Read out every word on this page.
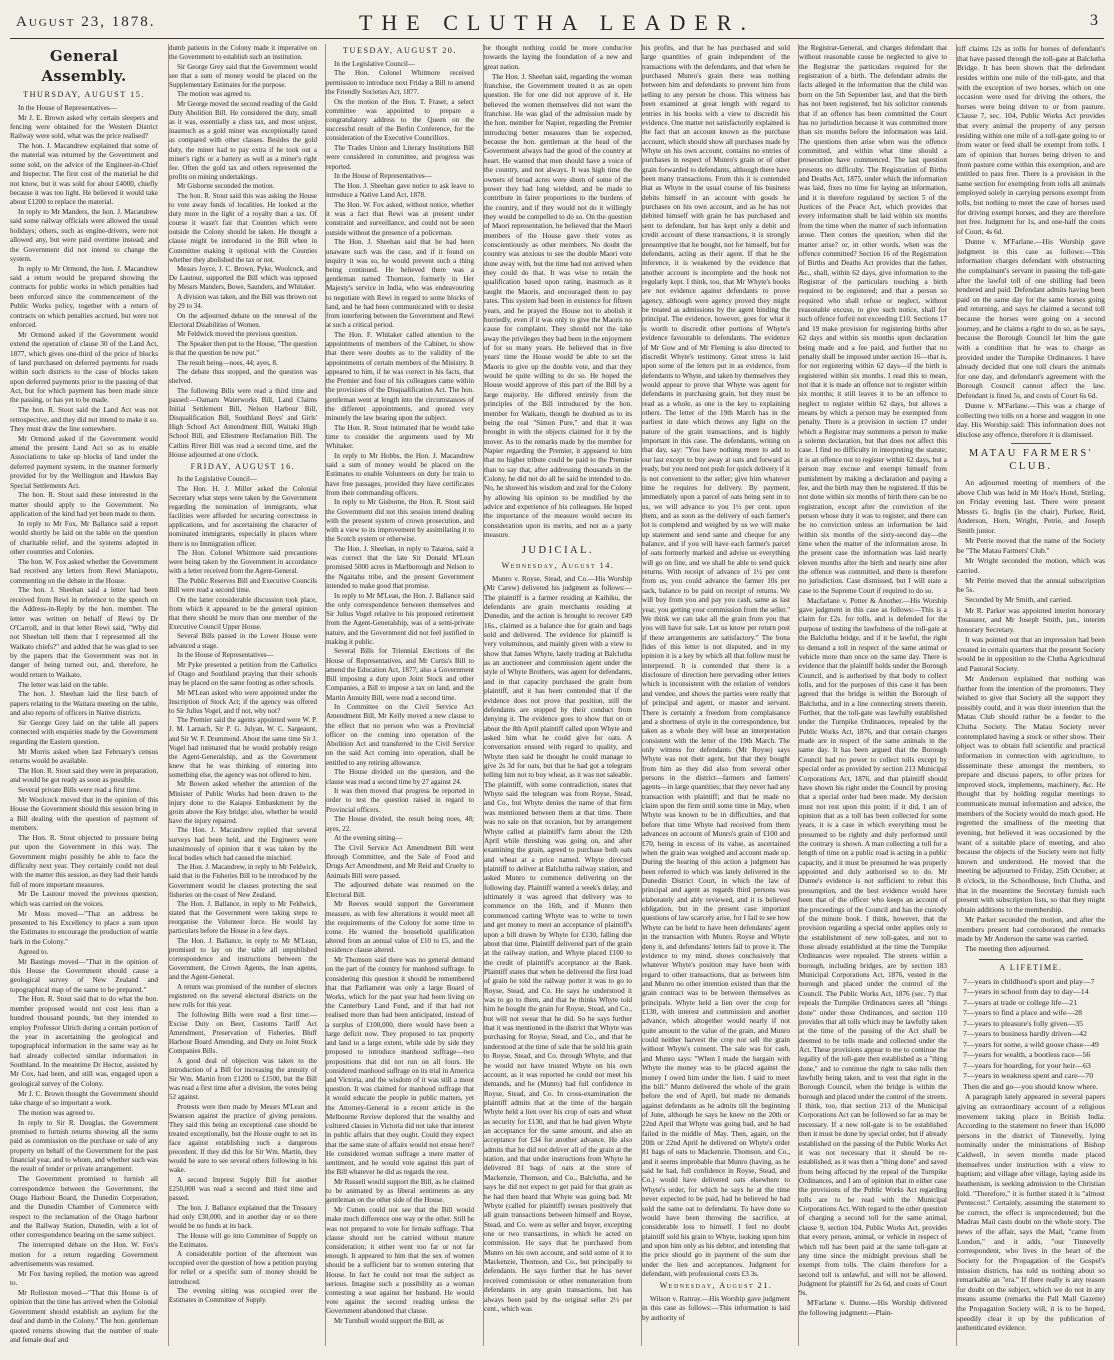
August 23, 1878.	THE CLUTHA LEADER.	3
General Assembly.
THURSDAY, AUGUST 15.

In the House of Representatives—

Mr J. E. Brown asked why certain sleepers and fencing were obtained for the Western District Railway were sold, what was the price realised?

The hon. J. Macandrew explained that some of the material was returned by the Government and some sold, on the advice of the Engineer-in-Chief and Inspector. The first cost of the material he did not know, but it was sold for about £4000, chiefly because it was too light. He believed it would take about £1200 to replace the material.

In reply to Mr Manders, the hon. J. Macandrew said some railway officials were allowed the usual holidays; others, such as engine-drivers, were not allowed any, but were paid overtime instead; and the Government did not intend to change the system.

In reply to Mr Ormond, the hon. J. Macandrew said a return would be prepared showing the contracts for public works in which penalties had been enforced since the commencement of the Public Works policy, together with a return of contracts on which penalties accrued, but were not enforced.

Mr Ormond asked if the Government would extend the operation of clause 30 of the Land Act, 1877, which gives one-third of the price of blocks of land purchased on deferred payments for roads within such districts to the case of blocks taken upon deferred payments prior to the passing of that Act, but for which payment has been made since the passing, or has yet to be made.

The hon. R. Stout said the Land Act was not retrospective, and they did not intend to make it so. They must draw the line somewhere.

Mr Ormond asked if the Government would amend the present Land Act so as to enable Associations to take up blocks of land under the deferred payment system, in the manner formerly provided for by the Wellington and Hawkes Bay Special Settlements Act.

The hon. R. Stout said these interested in the matter should apply to the Government. No application of the kind had yet been made to them.

In reply to Mr Fox, Mr Ballance said a report would shortly be laid on the table on the question of charitable relief, and the systems adopted in other countries and Colonies.

The hon. W. Fox asked whether the Government had received any letters from Rewi Maniapoto, commenting on the debate in the House.

The hon. J. Sheehan said a letter had been received from Rewi in reference to the speech on the Address-in-Reply by the hon. member. The letter was written on behalf of Rewi by Dr O'Carroll, and in that letter Rewi said, "Why did not Sheehan tell them that I represented all the Waikato chiefs?" and added that he was glad to see by the papers that the Government was not in danger of being turned out, and, therefore, he would return to Waikato.

The letter was laid on the table.

The hon. J. Sheehan laid the first batch of papers relating to the Waitara meeting on the table, and also reports of officers in Native districts.

Sir George Grey laid on the table all papers connected with enquiries made by the Government regarding the Eastern question.

Mr Morris asked when last February's census returns would be available.

The Hon. R. Stout said they were in preparation, and would be got ready as soon as possible.

Several private Bills were read a first time.

Mr Woolcock moved that in the opinion of this House the Government should this session bring in a Bill dealing with the question of payment of members.

The Hon. R. Stout objected to pressure being put upon the Government in this way. The Government might possibly be able to face the difficulty next year. They certainly could not deal with the matter this session, as they had their hands full of more important measures.

Mr De Lautour moved the previous question, which was carried on the voices.

Mr Moss moved—"That an address be presented to his Excellency to place a sum upon the Estimates to encourage the production of wattle bark in the Colony."

Agreed to.

Mr Bastings moved—"That in the opinion of this House the Government should cause a geological survey of New Zealand and topographical map of the same to be prepared."

The Hon. R. Stout said that to do what the hon. member proposed would not cost less than a hundred thousand pounds, but they intended to employ Professor Ulrich during a certain portion of the year in ascertaining the geological and topographical information in the same way as he had already collected similar information in Southland. In the meantime Dr Hector, assisted by Mr Cox, had been, and still was, engaged upon a geological survey of the Colony.

Mr J. C. Brown thought the Government should take charge of so important a work.

The motion was agreed to.

In reply to Sir R. Douglas, the Government promised to furnish returns showing all the sums paid as commission on the purchase or sale of any property on behalf of the Government for the past financial year, and to whom, and whether such was the result of tender or private arrangement.

The Government promised to furnish all correspondence between the Government, the Otago Harbour Board, the Dunedin Corporation, and the Dunedin Chamber of Commerce with respect to the reclamation of the Otago harbour and the Railway Station, Dunedin, with a lot of other correspondence bearing on the same subject.

The interrupted debate on the Hon. W. Fox's motion for a return regarding Government advertisements was resumed.

Mr Fox having replied, the motion was agreed to.

Mr Rolleston moved—"That this House is of opinion that the time has arrived when the Colonial Government should establish an asylum for the deaf and dumb in the Colony." The hon. gentleman quoted returns showing that the number of male and female deaf and

dumb patients in the Colony made it imperative on the Government to establish such an institution.

Sir George Grey said that the Government would see that a sum of money would be placed on the Supplementary Estimates for the purpose.

The motion was agreed to.

Mr George moved the second reading of the Gold Duty Abolition Bill. He considered the duty, small as it was, essentially a class tax, and most unjust, inasmuch as a gold miner was exceptionally taxed as compared with other classes. Besides the gold duty, the miner had to pay extra if he took out a miner's right or a battery as well as a miner's right fee. Often the gold tax and others represented the profits on mining undertakings.

Mr Gisborne seconded the motion.

The hon. R. Stout said this was asking the House to vote away funds of localities. He looked at the duty more in the light of a royalty than a tax. Of course it wasn't fair that Counties which were outside the Colony should be taken. He thought a clause might be introduced in the Bill when in Committee making it optional with the Counties whether they abolished the tax or not.

Messrs Joyce, J. C. Brown, Pyke, Woolcock, and De Lautour, supported the Bill which was opposed by Messrs Manders, Bowe, Saunders, and Whitaker.

A division was taken, and the Bill was thrown out by 29 to 34.

On the adjourned debate on the renewal of the Electoral Disabilities of Women.

Mr Feldwick moved the previous question.

The Speaker then put to the House, "The question is that the question be now put."

The result being—noes, 44; ayes, 8.

The debate thus stopped, and the question was shelved.

The following Bills were read a third time and passed:—Oamaru Waterworks Bill, Land Claims Initial Settlement Bill, Nelson Harbour Bill, Disqualification Bill, Southland Boys' and Girls' High School Act Amendment Bill, Waitaki High School Bill, and Ellesmere Reclamation Bill. The Catlins River Bill was read a second time, and the House adjourned at one o'clock.

FRIDAY, AUGUST 16.

In the Legislative Council—

The Hon. H. J. Miller asked the Colonial Secretary what steps were taken by the Government regarding the nomination of immigrants, what facilities were afforded for securing correctness in applications, and for ascertaining the character of nominated immigrants, especially in places where there is no Immigration officer.

The Hon. Colonel Whitmore said precautions were being taken by the Government in accordance with a letter received from the Agent-General.

The Public Reserves Bill and Executive Councils Bill were read a second time.

On the latter considerable discussion took place, from which it appeared to be the general opinion that there should be more than one member of the Executive Council Upper House.

Several Bills passed in the Lower House were advanced a stage.

In the House of Representatives—

Mr Pyke presented a petition from the Catholics of Otago and Southland praying that their schools may be placed on the same footing as other schools.

Mr M'Lean asked who were appointed under the Inscription of Stock Act; if the agency was offered to Sir Julius Vogel, and if not, why not?

The Premier said the agents appointed were W. P. J. M. Larnach, Sir P. G. Julyan, W. C. Sargeaunt, and Sir W. F. Drummond. About the same time Sir J. Vogel had intimated that he would probably resign the Agent-Generalship, and as the Government knew that he was thinking of entering into something else, the agency was not offered to him.

Mr Bowen asked whether the attention of the Minister of Public Works had been drawn to the injury done to the Kaiapoi Embankment by the groin above the Key bridge; also, whether he would have the injury repaired.

The Hon. J. Macandrew replied that several surveys had been held, and the Engineers were unanimously of opinion that it was taken by the local bodies which had caused the mischief.

The Hon. J. Macandrew, in reply to Mr Feldwick, said that in the Fisheries Bill to be introduced by the Government would be clauses protecting the seal fisheries on the coast of New Zealand.

The Hon. J. Ballance, in reply to Mr Feldwick, stated that the Government were taking steps to reorganise the Volunteer force. He would lay particulars before the House in a few days.

The Hon. J. Ballance, in reply to Mr M'Lean, promised to lay on the table all unpublished correspondence and instructions between the Government, the Crown Agents, the loan agents, and the Agent-General.

A return was promised of the number of electors registered on the several electoral districts on the new rolls for this year.

The following Bills were read a first time:—Excise Duty on Beer, Customs Tariff Act Amendment, Preservation of Fisheries, Bluff Harbour Board Amending, and Duty on Joint Stock Companies Bills.

A good deal of objection was taken to the introduction of a Bill for increasing the annuity of Sir Wm. Martin from £1200 to £1500, but the Bill was read a first time after a division, the votes being 52 against.

Protests were then made by Messrs M'Lean and Swanson against the practice of giving pensions. They said this being an exceptional case should be treated exceptionally, but the House ought to set its face against establishing such a dangerous precedent. If they did this for Sir Wm. Martin, they would be sure to see several others following in his wake.

A second Imprest Supply Bill for another £250,000 was read a second and third time and passed.

The hon. J. Ballance explained that the Treasury had only £30,000, and in another day or so there would be no funds at its back.

The House will go into Committee of Supply on the Estimates.

A considerable portion of the afternoon was occupied over the question of how a petition praying for relief or a specific sum of money should be introduced.

The evening sitting was occupied over the Estimates in Committee of Supply.

TUESDAY, AUGUST 20.

In the Legislative Council—

The Hon. Colonel Whitmore received permission to introduce next Friday a Bill to amend the Friendly Societies Act, 1877.

On the motion of the Hon. T. Fraser, a select committee was appointed to prepare a congratulatory address to the Queen on the successful result of the Berlin Conference, for the consideration of the Executive Councillors.

The Trades Union and Literary Institutions Bill were considered in committee, and progress was reported.

In the House of Representatives—

The Hon. J. Sheehan gave notice to ask leave to introduce a Native Land Act, 1878.

The Hon. W. Fox asked, without notice, whether it was a fact that Rewi was at present under constraint and surveillance, and could not be seen outside without the presence of a policeman.

The Hon. J. Sheehan said that he had been unaware such was the case, and if it found on inquiry it was so, he would prevent such a thing being continued. He believed there was a gentleman named Thomson, formerly in Her Majesty's service in India, who was endeavouring to negotiate with Rewi in regard to some blocks of land, and he had been communicated with to desist from interfering between the Government and Rewi at such a critical period.

The Hon. F. Whitaker called attention to the appointments of members of the Cabinet, to show that there were doubts as to the validity of the appointments of certain members of the Ministry. It appeared to him, if he was correct in his facts, that the Premier and four of his colleagues came within the provisions of the Disqualification Act. The hon. gentleman went at length into the circumstances of the different appointments, and quoted very minutely the law bearing upon the subject.

The Hon. R. Stout intimated that he would take time to consider the arguments used by Mr Whitaker.

In reply to Mr Hobbs, the Hon. J. Macandrew said a sum of money would be placed on the Estimates to enable Volunteers on duty for train to have free passages, provided they have certificates from their commanding officers.

In reply to Mr Gisborne, the Hon. R. Stout said the Government did not this session intend dealing with the present system of crown prosecution, and with a view to its improvement by assimilating it to the Scotch system or otherwise.

The Hon. J. Sheehan, in reply to Taiaroa, said it was correct that the late Sir Donald M'Lean promised 5000 acres in Marlborough and Nelson to the Ngaitahu tribe, and the present Government intended to make good that promise.

In reply to Mr M'Lean, the Hon. J. Ballance said the only correspondence between themselves and Sir Julius Vogel relative to his proposed retirement from the Agent-Generalship, was of a semi-private nature, and the Government did not feel justified in making it public.

Several Bills for Triennial Elections of the House of Representatives, and Mr Curtis's Bill to amend the Education Act, 1877; also a Government Bill imposing a duty upon Joint Stock and other Companies, a Bill to impose a tax on land, and the Martin Annuity Bill, were read a second time.

In Committee on the Civil Service Act Amendment Bill, Mr Kelly moved a new clause to the effect that no person who was a Provincial officer on the coming into operation of the Abolition Act and transferred to the Civil Service on the said Act coming into operation, shall be entitled to any retiring allowance.

The House divided on the question, and the clause was read a second time by 27 against 24.

It was then moved that progress be reported in order to test the question raised in regard to Provincial officers.

The House divided, the result being noes, 48; ayes, 22.

At the evening sitting—

The Civil Service Act Amendment Bill went through Committee, and the Sale of Food and Drugs Act Amendment, and Mr Reid and Cruelty to Animals Bill were passed.

The adjourned debate was resumed on the Electoral Bill.

Mr Reeves would support the Government measure, as with few alterations it would meet all the requirements of the Colony for some time to come. He wanted the household qualification altered from an annual value of £10 to £5, and the residence clause altered.

Mr Thomson said there was no general demand on the part of the country for manhood suffrage. In considering this question it should be remembered that that Parliament was only a large Board of Works, which for the past year had been living on the Canterbury Land Fund, and if that had not realised more than had been anticipated, instead of a surplus of £100,000, there would have been a large deficit now. They proposed to tax property and land to a large extent, while side by side they proposed to introduce manhood suffrage—two propositions that did not run on all fours. He considered manhood suffrage on its trial in America and Victoria, and the wisdom of it was still a moot question. It was claimed for manhood suffrage that it would educate the people in public matters, yet the Attorney-General in a recent article in the Melbourne Review deplored that the wealthy and cultured classes in Victoria did not take that interest in public affairs that they ought. Could they expect that the same state of affairs would not ensue here? He considered woman suffrage a mere matter of sentiment, and he would vote against this part of the Bill whatever he did as regards the rest.

Mr Russell would support the Bill, as he claimed to be animated by as liberal sentiments as any gentleman on the other side of the House.

Mr Cutten could not see that the Bill would make much difference one way or the other. Still he was not prepared to vote for female suffrage. That clause should not be carried without mature consideration; it either went too far or not far enough. It appeared to him that the sex of women should be a sufficient bar to women entering that House. In fact he could not treat the subject as serious. Imagine such a possibility as a woman contesting a seat against her husband. He would vote against the second reading unless the Government abandoned that clause.

Mr Turnbull would support the Bill, as

he thought nothing could be more conducive towards the laying the foundation of a new and great nation.

The Hon. J. Sheehan said, regarding the woman franchise, the Government treated it as an open question. He for one did not approve of it. He believed the women themselves did not want the franchise. He was glad of the admission made by the hon. member for Napier, regarding the Premier introducing better measures than he expected, because the hon. gentleman at the head of the Government always had the good of the country at heart. He wanted that men should have a voice of the country, and not always. It was high time the owners of broad acres were shorn of some of the power they had long wielded, and be made to contribute in fairer proportions to the burdens of the country, and if they would not do it willingly they would be compelled to do so. On the question of Maori representation, he believed that the Maori members of the House gave their votes as conscientiously as other members. No doubt the country was anxious to see the double Maori vote done away with, but the time had not arrived when they could do that. It was wise to retain the qualification based upon rating, inasmuch as it taught the Maoris, and encouraged them to pay rates. This system had been in existence for fifteen years, and he prayed the House not to abolish it hurriedly, even if it was only to give the Maoris no cause for complaint. They should not the take away the privileges they had been in the enjoyment of for so many years. He believed that in five years' time the House would be able to set the Maoris to give up the double vote, and that they would be quite willing to do so. He hoped the House would approve of this part of the Bill by a large majority. He differed entirely from the principles of the Bill introduced by the hon. member for Waikato, though he doubted as to its being the real "Simon Pure," and that it was brought in with the objects claimed for it by the mover. As to the remarks made by the member for Napier regarding the Premier, it appeared to him that no higher tribute could be paid to the Premier than to say that, after addressing thousands in the Colony, he did not do all he said he intended to do. No, he showed his wisdom and zeal for the Colony by allowing his opinion to be modified by the advice and experience of his colleagues. He hoped the importance of the measure would secure its consideration upon its merits, and not as a party measure.

JUDICIAL.
Wednesday, August 14.

Munro v. Royse, Stead, and Co.—His Worship (Mr Carew) delivered his judgment as follows:—The plaintiff is a farmer residing at Kaihiku, the defendants are grain merchants residing at Dunedin, and the action is brought to recover £49 16s., claimed as a balance due for grain and bags sold and delivered. The evidence for plaintiff is very voluminous, and mainly given with a view to show that James Whyte, lately trading at Balclutha as an auctioneer and commission agent under the style of Whyte Brothers, was agent for defendants, and in that capacity purchased the grain from plaintiff, and it has been contended that if the evidence does not prove that position, still the defendants are stopped by their conduct from denying it. The evidence goes to show that on or about the 8th April plaintiff called upon Whyte and asked him what he could give for oats. A conversation ensued with regard to quality, and Whyte then said he thought he could manage to give 2s 3d for oats, but that he had got a telegram telling him not to buy wheat, as it was not saleable. The plaintiff, with some contradiction, states that Whyte said the telegram was from Royse, Stead, and Co., but Whyte denies the name of that firm was mentioned between them at that time. There was no sale on that occasion, but by arrangement Whyte called at plaintiff's farm about the 12th April while threshing was going on, and after examining the grain, agreed to purchase both oats and wheat at a price named. Whyte directed plaintiff to deliver at Balclutha railway station, and asked Munro to commence delivering on the following day. Plaintiff wanted a week's delay, and ultimately it was agreed that delivery was to commence on the 16th, and if Munro then commenced carting Whyte was to write to town and get money to meet an acceptance of plaintiff's upon a bill drawn by Whyte for £130, falling due about that time. Plaintiff delivered part of the grain at the railway station, and Whyte placed £100 to the credit of plaintiff's acceptance at the Bank. Plaintiff states that when he delivered the first load of grain he told the railway porter it was to go to Royse, Stead, and Co. He says he understood it was to go to them, and that he thinks Whyte told him he bought the grain for Royse, Stead, and Co., but will not swear that he did. So he says further that it was mentioned in the district that Whyte was purchasing for Royse, Stead, and Co., and that he understood at the time of sale that he sold his grain to Royse, Stead, and Co. through Whyte, and that he would not have trusted Whyte on his own account, as it was reported he could not meet his demands, and he (Munro) had full confidence in Royse, Stead, and Co. In cross-examination the plaintiff admits that at the time of the bargain Whyte held a lien over his crop of oats and wheat as security for £130, and that he had given Whyte an acceptance for the same amount, and also an acceptance for £34 for another advance. He also admits that he did not deliver all of the grain at the station, and that under instructions from Whyte he delivered 81 bags of oats at the store of Mackenzie, Thomson, and Co., Balclutha, and he says he did not expect to get paid for that grain as he had then heard that Whyte was going bad. Mr Whyte (called for plaintiff) swears positively that all grain transactions between himself and Royse, Stead, and Co. were as seller and buyer, excepting one or two transactions, in which he acted on commission. He says that he purchased from Munro on his own account, and sold some of it to Mackenzie, Thomson, and Co., but principally to defendants. He says further that he has never received commission or other remuneration from defendants in any grain transactions, but has always been paid by the original seller 2½ per cent., which was

his profits, and that he has purchased and sold large quantities of grain independent of the transactions with the defendants, and that when he purchased Munro's grain there was nothing between him and defendants to prevent him from selling to any person he chose. This witness has been examined at great length with regard to entries in his books with a view to discredit his evidence. One matter not satisfactorily explained is the fact that an account known as the purchase account, which should show all purchases made by Whyte on his own account, contains no entries of purchases in respect of Munro's grain or of other grain forwarded to defendants, although there have been many transactions. From this it is contended that as Whyte in the usual course of his business debits himself in an account with goods he purchases on his own account, and as he has not debited himself with grain he has purchased and sent to defendant, but has kept only a debit and credit account of these transactions, it is strongly presumptive that he bought, not for himself, but for defendants, acting as their agent. If that be the inference, it is weakened by the evidence that another account is incomplete and the book not regularly kept. I think, too, that Mr Whyte's books are not evidence against defendants to prove agency, although were agency proved they might be treated as admissions by the agent binding the principal. The evidence, however, goes for what it is worth to discredit other portions of Whyte's evidence favourable to defendants. The evidence of Mr Gow and of Mr Fleming is also directed to discredit Whyte's testimony. Great stress is laid upon some of the letters put in as evidence, from defendants to Whyte, and taken by themselves they would appear to prove that Whyte was agent for defendants in purchasing grain, but they must be read as a whole, as one is the key to explaining others. The letter of the 19th March has in the earliest in date which throws any light on the nature of the grain transactions, and is highly important in this case. The defendants, writing on that day, say: "You have nothing more to add to our last except to buy away at oats and forward as ready, but you need not push for quick delivery if it is not convenient to the seller; give him whatever time he requires for delivery. By payment, immediately upon a parcel of oats being sent in to us, we will advance to you 1½ per cent. upon them, and as soon as the delivery of each farmer's lot is completed and weighed by us we will make up statement and send same and cheque for any balance, and if you will have each farmer's parcel of oats formerly marked and advise us everything will go on fine, and we shall be able to send quick returns. With receipt of advance of 1½ per cent from us, you could advance the farmer 10s per sack, balance to be paid on receipt of returns. We will buy from you and pay you cash, same as last year, you getting your commission from the seller." We think we can take all the grain from you that you will have for sale. Let us know per return post if these arrangements are satisfactory." The bona fides of this letter is not disputed, and in my opinion it is a key by which all that follow must be interpreted. It is contended that there is a disclosure of direction here pervading other letters which is inconsistent with the relation of vendors and vendee, and shows the parties were really that of principal and agent, or master and servant. There is certainly a freedom from complaisance and a shortness of style in the correspondence, but taken as a whole they will bear an interpretation consistent with the letter of the 19th March. The only witness for defendants (Mr Royse) says Whyte was not their agent, but that they bought from him as they did also from several other persons in the district—farmers and farmers' agents—in large quantities; that they never had any transaction with plaintiff; and that he made no claim upon the firm until some time in May, when Whyte was known to be in difficulties, and that before that time Whyte had received from them advances on account of Munro's grain of £100 and £70, being in excess of its value, as ascertained when the grain was weighed and account made up. During the hearing of this action a judgment has been referred to which was lately delivered in the Dunedin District Court, in which the law of principal and agent as regards third persons was elaborately and ably reviewed, and it is believed obligation, but in the present case important questions of law scarcely arise, for I fail to see how Whyte can be held to have been defendants' agent in the transaction with Munro. Royse and Whyte deny it, and defendants' letters fail to prove it. The evidence to my mind, shows conclusively that whatever Whyte's position may have been with regard to other transactions, that as between him and Munro no other intention existed than that the grain contract was to be between themselves as principals. Whyte held a lien over the crop for £130, with interest and commission and another advance, which altogether would nearly if not quite amount to the value of the grain, and Munro could neither harvest the crop nor sell the grain without Whyte's consent. The sale was for cash, and Munro says: "When I made the bargain with Whyte the money was to be placed against the money I owed him under the lien. I said to meet the bill." Munro delivered the whole of the grain before the end of April, but made no demands against defendants as he admits till the beginning of June, although he says he knew on the 20th or 22nd April that Whyte was going bad, and he had failed in the middle of May. Then, again, on the 20th or 22nd April he delivered on Whyte's order 81 bags of oats to Mackenzie, Thomson, and Co., and it seems improbable that Munro (having, as he said he had, full confidence in Royse, Stead, and Co.) would have delivered oats elsewhere to Whyte's order, for which he says he at the time never expected to be paid, had he believed he had sold the same oat to defendants. To have done so would have been throwing the sacrifice, at considerable loss to himself. I feel no doubt plaintiff sold his grain to Whyte, looking upon him and upon him only as his debtor, and intending that the price should go in payment of the sum due under the lien and acceptances. Judgment for defendant, with professional costs £3 3s.

Wednesday, August 21.

Wilson v. Rattray.—His Worship gave judgment in this case as follows:—This information is laid by authority of

the Registrar-General, and charges defendant that without reasonable cause he neglected to give to the Registrar the particulars required for the registration of a birth. The defendant admits the facts alleged in the information that the child was born on the 5th September last, and that the birth has not been registered, but his solicitor contends that if an offence has been committed the Court has no jurisdiction because it was committed more than six months before the information was laid. The questions then arise when was the offence committed, and within what time should a prosecution have commenced. The last question presents no difficulty. The Registration of Births and Deaths Act, 1875, under which the information was laid, fixes no time for laying an information, and it is therefore regulated by section 5 of the Justices of the Peace Act, which provides that every information shall be laid within six months from the time when the matter of such information arose. Then comes the question, when did the matter arise? or, in other words, when was the offence committed? Section 16 of the Registration of Births and Deaths Act provides that the father, &c., shall, within 62 days, give information to the Registrar of the particulars touching a birth required to be registered; and that a person so required who shall refuse or neglect, without reasonable excuse, to give such notice, shall for such offence forfeit not exceeding £10. Sections 17 and 19 make provision for registering births after 62 days and within six months upon declaration being made and a fee paid, and further that no penalty shall be imposed under section 16—that is, for not registering within 62 days—if the birth is registered within six months. I read this to mean, not that it is made an offence not to register within six months; it still leaves it to be an offence to neglect to register within 62 days, but allows a means by which a person may be exempted from penalty. There is a provision in section 17 under which a Registrar may summons a person to make a solemn declaration, but that does not affect this case. I find no difficulty in interpreting the statute; it is an offence not to register within 62 days, but a person may excuse and exempt himself from punishment by making a declaration and paying a fee, and the birth may then be registered. If this be not done within six months of birth there can be no registration, except after the conviction of the person whose duty it was to register, and there can be no conviction unless an information be laid within six months of the sixty-second day—the time when the matter of the information arose. In the present case the information was laid nearly eleven months after the birth and nearly nine after the offence was committed, and there is therefore no jurisdiction. Case dismissed, but I will state a case to the Supreme Court if required to do so.

Macfarlane v. Potter & Another.—His Worship gave judgment in this case as follows:—This is a claim for £2s. for tolls, and is defended for the purpose of testing the lawfulness of the toll-gate at the Balclutha bridge, and if it be lawful, the right to demand a toll in respect of the same animal or vehicle more than once on the same day. There is evidence that the plaintiff holds under the Borough Council, and is authorised by that body to collect tolls, and for the purposes of this case it has been agreed that the bridge is within the Borough of Balclutha, and in a line connecting streets therein. Further, that the toll-gate was lawfully established under the Turnpike Ordinances, repealed by the Public Works Act, 1876, and that certain charges made are in respect of the same animals in the same day. It has been argued that the Borough Council had no power to collect tolls except by special order as provided by section 213 Municipal Corporations Act, 1876, and that plaintiff should have shown his right under the Council by proving that a special order had been made. My decision must not rest upon this point; if it did, I am of opinion that as a toll has been collected for some years, it is a case in which everything must be presumed to be rightly and duly performed until the contrary is shown. A man collecting a toll for a length of time on a public road is acting in a public capacity, and it must be presumed he was properly appointed and duly authorised so to do. Mr Dunne's evidence is not sufficient to rebut this presumption, and the best evidence would have been that of the officer who keeps an account of the proceedings of the Council and has the custody of the minute book. I think, however, that the provision regarding a special order applies only to the establishment of new toll-gates, and not to those already established at the time the Turnpike Ordinances were repealed. The streets within a borough, including bridges, are by section 183 Municipal Corporations Act, 1876, vested in the borough and placed under the control of the Council. The Public Works Act, 1876 (sec. 7) that repeals the Turnpike Ordinances saves all "things done" under those Ordinances, and section 110 provides that all tolls which may be lawfully taken at the time of the passing of the Act shall be deemed to be tolls made and collected under the Act. These provisions appear to me to continue the legality of the toll-gate then established as a "thing done," and to continue the right to take tolls then lawfully being taken, and to vest that right in the Borough Council, when the bridge is within the borough and placed under the control of the streets. I think, too, that section 213 of the Municipal Corporations Act can be followed so far as may be necessary. If a new toll-gate is to be established then it must be done by special order, but if already established on the passing of the Public Works Act it was not necessary that it should be re-established, as it was then a "thing done" and saved from being affected by the repeal of the Turnpike Ordinances, and I am of opinion that in either case the provisions of the Public Works Act regarding tolls are to be read with the Municipal Corporations Act. With regard to the other question of charging a second toll for the same animal, clause 9, section 104, Public Works Act, provides that every person, animal, or vehicle in respect of which toll has been paid at the same toll-gate at any time since the midnight previous shall be exempt from tolls. The claim therefore for a second toll is unlawful, and will not be allowed. Judgment for plaintiff for 2s 6d, and costs of Court 9s.

M'Farlane v. Dunne.—His Worship delivered the following judgment:—Plain-

tiff claims 12s as tolls for horses of defendant's that have passed through the toll-gate at Balclutha Bridge. It has been shown that the defendant resides within one mile of the toll-gate, and that with the exception of two horses, which on one occasion were used for driving the others, the horses were being driven to or from pasture. Clause 7, sec. 104, Public Works Act provides that every animal the property of any person residing within one mile of a toll-gate going to or from water or feed shall be exempt from tolls. I am of opinion that horses being driven to and from pasture come within this exemption, and are entitled to pass free. There is a provision in the same section for exempting from tolls all animals employed solely in carrying persons exempt from tolls, but nothing to meet the case of horses used for driving exempt horses, and they are therefore not free. Judgment for 1s, and one-half the costs of Court, 4s 6d.

Dunne v. M'Farlane.—His Worship gave judgment in this case as follows:—This information charges defendant with obstructing the complainant's servant in passing the toll-gate after the lawful toll of one shilling had been tendered and paid. Defendant admits having been paid on the same day for the same horses going and returning, and says he claimed a second toll because the horses were going on a second journey, and he claims a right to do so, as he says, because the Borough Council let him the gate with a condition that he was to charge as provided under the Turnpike Ordinances. I have already decided that one toll clears the animals for one day, and defendant's agreement with the Borough Council cannot affect the law. Defendant is fined 5s, and costs of Court 6s 6d.

Dunne v. M'Farlane.—This was a charge of collecting two tolls on a horse and waggon in one day. His Worship said: This information does not disclose any offence, therefore it is dismissed.

MATAU FARMERS' CLUB.

An adjourned meeting of members of the above Club was held in Mr Hoe's Hotel, Stirling, on Friday evening last. There were present Messrs G. Inglis (in the chair), Purker, Reid, Anderson, Horn, Wright, Petrie, and Joseph Smith junior.

Mr Petrie moved that the name of the Society be "The Matau Farmers' Club."

Mr Wright seconded the motion, which was carried.

Mr Petrie moved that the annual subscription be 5s.

Seconded by Mr Smith, and carried.

Mr R. Parker was appointed interim honorary Treasurer, and Mr Joseph Smith, jun., interim honorary Secretary.

It was pointed out that an impression had been created in certain quarters that the present Society would be in opposition to the Clutha Agricultural and Pastoral Society.

Mr Anderson explained that nothing was further from the intention of the promoters. They wished to give that Society all the support they possibly could, and it was their intention that the Matau Club should rather be a feeder to the Clutha Society. The Matau Society never contemplated having a stock or other show. Their object was to obtain full scientific and practical information in connection with agriculture, to disseminate these amongst the members, to prepare and discuss papers, to offer prizes for improved stock, implements, machinery, &c. He thought that by holding regular meetings to communicate mutual information and advice, the members of the Society would do much good. He regretted the smallness of the meeting that evening, but believed it was occasioned by the want of a suitable place of meeting, and also because the objects of the Society were not fully known and understood. He moved that the meeting be adjourned to Friday, 25th October, at 8 o'clock, in the Schoolhouse, Inch Clutha, and that in the meantime the Secretary furnish each present with subscription lists, so that they might obtain additions to the membership.

Mr Parker seconded the motion, and after the members present had corroborated the remarks made by Mr Anderson the same was carried.

The meeting then adjourned.

A LIFETIME.
7—years in childhood's sport and play—7
7—years in school from day to day—14
7—years at trade or college life—21
7—years to find a place and wife—28
7—years to pleasure's folly given—35
7—years to business hardly driven—42
7—years for some, a wild goose chase—49
7—years for wealth, a bootless race—56
7—years for hoarding, for your heir—63
7—years in weakness spent and care—70
Then die and go—you should know where.

A paragraph lately appeared in several papers giving an extraordinary account of a religious movement taking place in British India. According to the statement no fewer than 16,000 persons in the district of Tinnevelly, lying nominally under the ministrations of Bishop Caldwell, in seven months made placed themselves under instruction with a view to baptism; and village after village, laying aside its heathenism, is seeking admission to the Christian fold. "Therefore," it is further stated it is "almost Pentecost." Certainly, assuming the statement to be correct, the effect is unprecedented; but the Madras Mail casts doubt on the whole story. The news of the affair, says the Mail, "came from London," and it adds, "our Tinnevelly correspondent, who lives in the heart of the Society for the Propagation of the Gospel's mission districts, has told us nothing about so remarkable an "era." If there really is any reason for doubt on the subject, which we do not in any means assume (remarks the Pall Mall Gazette) the Propagation Society will, it is to be hoped, speedily clear it up by the publication of authenticated evidence.
